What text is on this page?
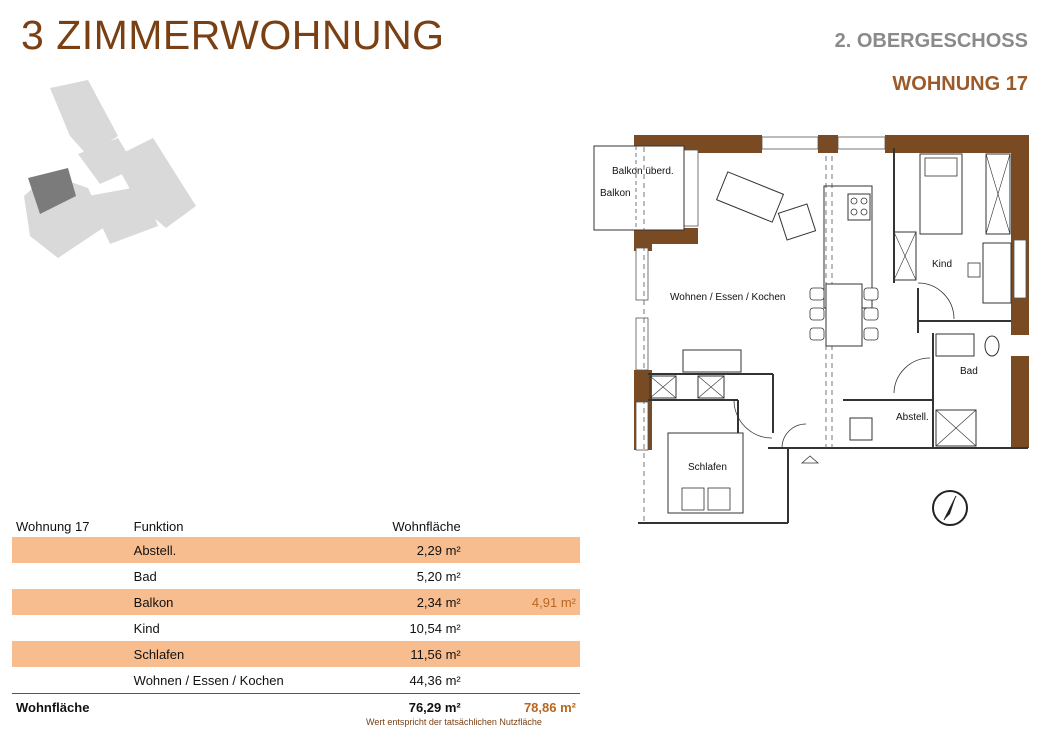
3 ZIMMERWOHNUNG	2. OBERGESCHOSS
WOHNUNG 17
Balkon überd.
Balkon
Wohnen / Essen / Kochen
Kind
Bad
Abstell.
Schlafen
Wohnung 17	Funktion	Wohnfläche	
	Abstell.	2,29 m²	
	Bad	5,20 m²	
	Balkon	2,34 m²	4,91 m²
	Kind	10,54 m²	
	Schlafen	11,56 m²	
	Wohnen / Essen / Kochen	44,36 m²	
Wohnfläche		76,29 m²	78,86 m²
Wert entspricht der tatsächlichen Nutzfläche
